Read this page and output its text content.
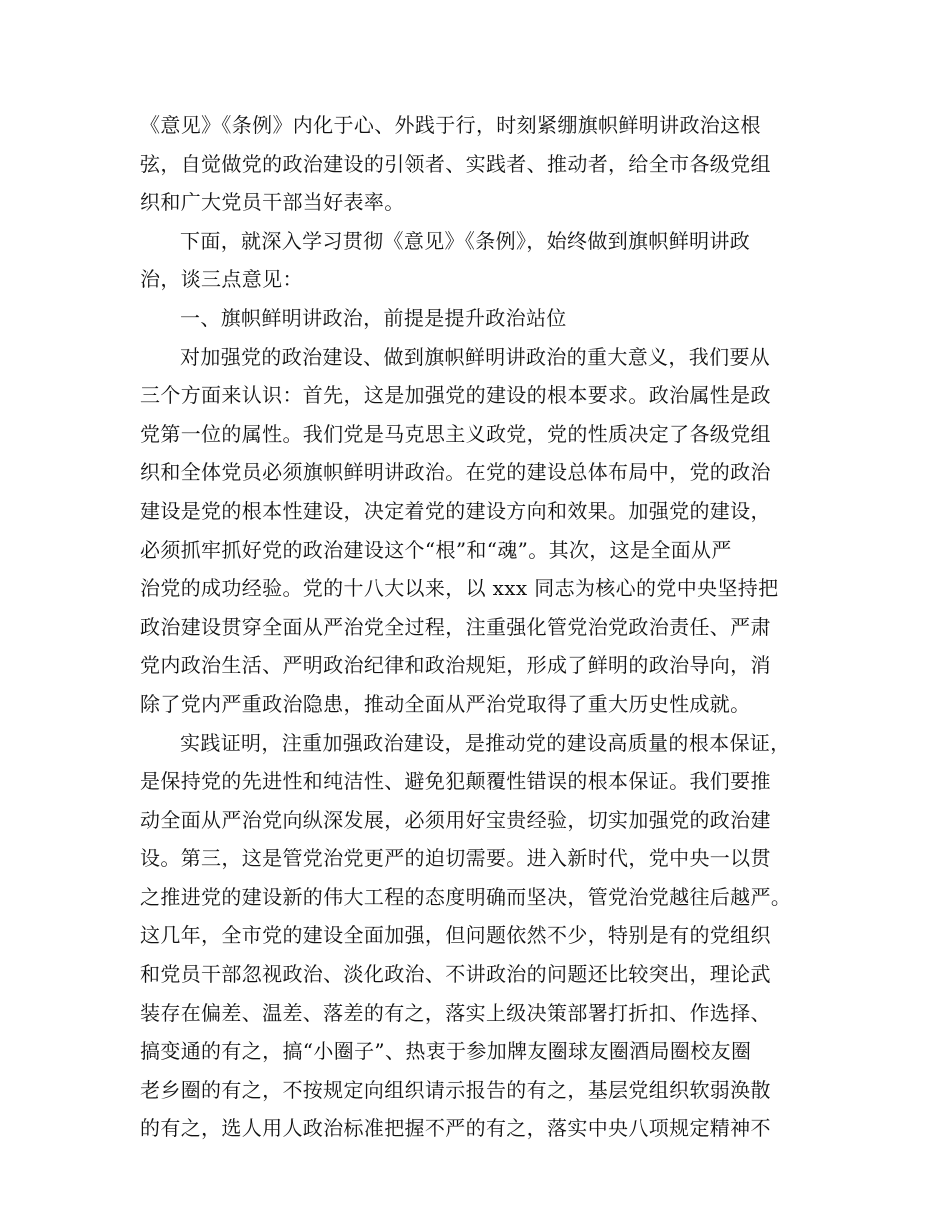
《意见》《条例》内化于心、外践于行，时刻紧绷旗帜鲜明讲政治这根
弦，自觉做党的政治建设的引领者、实践者、推动者，给全市各级党组
织和广大党员干部当好表率。
下面，就深入学习贯彻《意见》《条例》，始终做到旗帜鲜明讲政
治，谈三点意见：
一、旗帜鲜明讲政治，前提是提升政治站位
对加强党的政治建设、做到旗帜鲜明讲政治的重大意义，我们要从
三个方面来认识：首先，这是加强党的建设的根本要求。政治属性是政
党第一位的属性。我们党是马克思主义政党，党的性质决定了各级党组
织和全体党员必须旗帜鲜明讲政治。在党的建设总体布局中，党的政治
建设是党的根本性建设，决定着党的建设方向和效果。加强党的建设，
必须抓牢抓好党的政治建设这个“根”和“魂”。其次，这是全面从严
治党的成功经验。党的十八大以来，以 xxx 同志为核心的党中央坚持把
政治建设贯穿全面从严治党全过程，注重强化管党治党政治责任、严肃
党内政治生活、严明政治纪律和政治规矩，形成了鲜明的政治导向，消
除了党内严重政治隐患，推动全面从严治党取得了重大历史性成就。
实践证明，注重加强政治建设，是推动党的建设高质量的根本保证，
是保持党的先进性和纯洁性、避免犯颠覆性错误的根本保证。我们要推
动全面从严治党向纵深发展，必须用好宝贵经验，切实加强党的政治建
设。第三，这是管党治党更严的迫切需要。进入新时代，党中央一以贯
之推进党的建设新的伟大工程的态度明确而坚决，管党治党越往后越严。
这几年，全市党的建设全面加强，但问题依然不少，特别是有的党组织
和党员干部忽视政治、淡化政治、不讲政治的问题还比较突出，理论武
装存在偏差、温差、落差的有之，落实上级决策部署打折扣、作选择、
搞变通的有之，搞“小圈子”、热衷于参加牌友圈球友圈酒局圈校友圈
老乡圈的有之，不按规定向组织请示报告的有之，基层党组织软弱涣散
的有之，选人用人政治标准把握不严的有之，落实中央八项规定精神不
